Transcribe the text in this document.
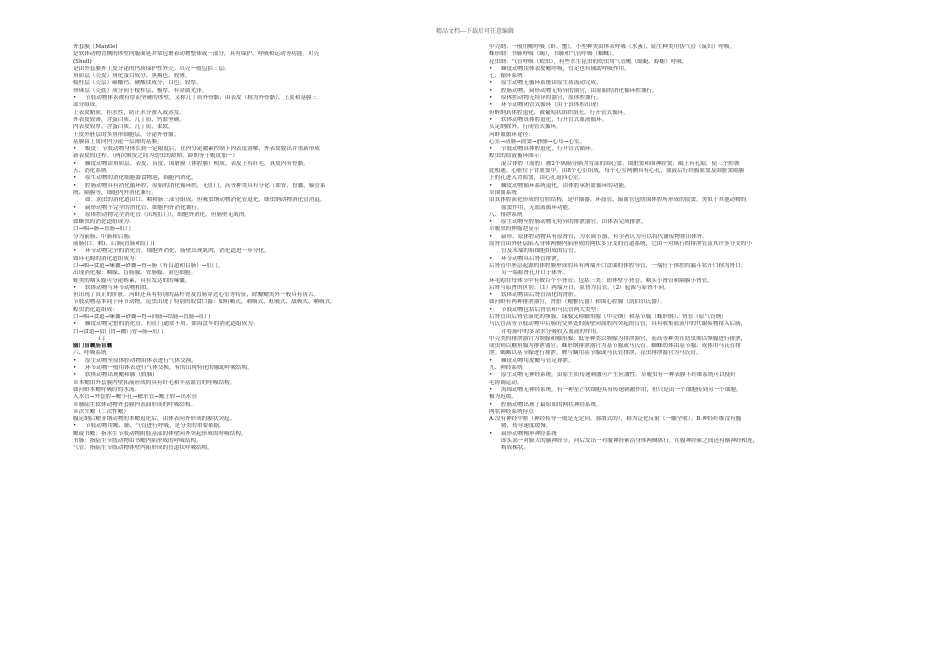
精品文档---下载后可任意编辑
外套膜（Mantle)
是软体动物背侧的体壁向腹面延并常包裹着动物整体或一部分，具有保护、呼吸和运动等功能。贝壳
(Shell)
是由外套膜外上皮分泌的钙质保护性外壳。贝壳一般包括三层:
角质层（壳皮）角化蛋白成分、黑褐色、较薄。
棱柱层（壳层）碳酸钙、硬酸镁成分，白色，较厚。
珍珠层（壳底）成分同于棱柱层、极厚，有金属光泽。
• 节肢动物体表被有厚而坚硬的体壁，又称几丁质外骨骼；由表皮（称为外骨骼）、上皮和基膜三
部分组成。
上表皮蜡质，拒水性，防止水分渗入或蒸发。
外表皮较薄，含蛋白质、几丁质、钙盐坚硬。
内表皮较厚，含蛋白质、几丁质，柔软。
上皮外胚层的多角形细胞层，分泌外骨骼。
基膜由上皮向内分泌一层薄的基膜。
• 蜕皮：节肢动物身体长到一定限度后，在内分泌激素控制下内表皮溶解，外表皮脱出并重新形成
新表皮的过程。（两次蜕皮之间为幼虫的龄期，龄期等于蜕皮加一）
• 棘皮动物由角质层、表皮、真皮、围脏膜（体腔膜）构成。表皮上有纤毛，真皮内有骨骼。
五、消化系统
• 原生动物的消化细胞器食物泡，细胞内消化。
• 腔肠动物具有消化循环腔，原始的消化循环腔，无肛门，高等种类具有分化（如胃、胃囊、辐管系
统、隔膜等，细胞内外消化兼行。
如：涡虫的消化道由口、咽和肠三部分组成。但吸虫纲动物消化管退化，绦虫纲动物消化管消退。
• 扁形动物不完全的消化管，细胞内外消化兼行。
• 原体腔动物完全消化管（出现肛门），细胞外消化，但肠壁无肌肉。
如蛔虫的消化道组成为:
口→咽→肠→直肠→肛门
分为前肠、中肠和后肠;
前肠(口、咽)、后肠(直肠和肛门)
• 环节动物完全的消化管，细胞外消化，肠壁出现肌肉，消化道进一步分化。
如环毛蚓的消化道组成为：
口→咽→食道→嗉囊→砂囊→胃→肠（有盲道和盲肠）→肛门。
出现消化腺：咽腺、盲肠腺、胃肠腺、黄色细胞。
蛭类的咽头腺可分泌蛭素，具有发达的的嗉囊。
• 软体动物与环节动物相似。
但出现了真正的肝脏。河蚌还具有特别的晶杆胃及直肠穿过心室等特征，除瓣鳃类外一般具有齿舌。
节肢动物基本同于环节动物，昆虫出现了特别的取食口器：如咀嚼式，刺吸式、虹吸式、舐吸式、嚼吸式。
蝗虫消化道组成：
口→咽→食道→嗉囊→砂囊→胃→回肠→结肠→直肠→肛门
• 棘皮动物完整的消化管，但肛门通常不用。如海盘车的消化道组成为：
口→食道→贲门胃→幽门胃→肠→肛门
↓↓
幽门盲囊肠盲囊
六、呼吸系统
• 原生动物至原体腔动物由体表进行气体交换。
• 环节动物一般用体表进行气体交换，有的出现特化的辅助呼吸结构。
• 软体动物出现鳃和肺（假肺）
※本鳃由外套膜内壁拓展形成的具有纤毛和丰富血管的呼吸结构。
如河蚌本鳃呼吸时的水流：
入水管→外套腔→鳃小孔→鳃水管→鳃上腔→出水管
※肺陆生软体动物外套膜内表面形成的呼吸结构。
※次生鳃（二次性鳃）
腹足纲后鳃亚纲动物的本鳃退化后，由体表向外形成的膜状突起。
• 节肢动物用鳃、肺、气管进行呼吸。是分类的重要依据。
鳃或书鳃：指水生节肢动物附肢基部的体壁向外突起形成的呼吸结构。
书肺：指陆生节肢动物由书鳃内陷形成的呼吸结构。
气管：指陆生节肢动物体壁内陷形成的管道状呼吸结构。
甲壳纲：一般用鳃呼吸（虾、蟹），小型种类由体表呼吸（水蚤），陆生种类用伪气管（鼠妇）呼吸。
蛛形纲：书肺呼吸（蝎），书肺和气管呼吸（蜘蛛）。
昆虫纲：气管呼吸（蝗虫），有些水生昆虫的幼虫用气管鳃（蜻蜓、蜉蝣）呼吸。
• 棘皮动物用体表皮鳃呼吸，管足也有辅助呼吸作用。
七、循环系统
• 原生动物无循环系统由原生质流动完成。
• 腔肠动物、扁形动物无特异的器官，由原始的消化循环腔兼行。
• 原体腔动物无特异的器官，原体腔兼行。
• 环节动物闭管式循环（由于真体腔出现）
但蛭纲真体腔退化，被葡萄状组织填充，行开管式循环。
• 软体动物真体腔退化，行开管式血液循环。
头足纲除外，行闭管式循环。
河蚌血循环途径：
心室→动脉→血窦→静脉→心耳→心室。
• 节肢动物真体腔退化，行开管式循环。
蝗虫的血液循环图示：
混合体腔（血腔）被2个纵隔分隔为背部的围心窦、围脏窦和围神经窦，隔上有孔隙，使三个腔彼
此相通。心脏位于背血窦中，由8个心室组成，每个心室两侧具有心孔，血液后行经腹血窦及围脏窦隔膜
上的孔进入背血窦，由心孔返回心室。
• 棘皮动物循环系统退化，由体腔承担血循环的功能。
※围血系统
由真体腔演化形成的管腔结构，是中轴器、环血管、辐血管包绕围体腔所形成的血窦。类似于其他动物的
血窦作用，无血液循环功能。
八、排泄系统
• 原生动物至腔肠动物无特异的排泄器官，由体表完成排泄。
草履虫的伸缩泡显示
• 扁形、原体腔动物具有原肾管，为水调节器，有学者认为可以将代谢废物排出体外。
原肾管由外胚层陷入身体两侧内陷形成的网状多分支的管道系统，它由一对纵行的排泄管及其许多分支的小
管及末端的焰细胞组成的盲管。
• 环节动物具后肾管排泄。
后肾管中胚层起源的体腔膜形成的具有两端开口盘曲的体腔导管，一端位于体腔的漏斗状开口称为肾口；
另一端称肾孔开口于体外。
环毛蚓在每体节中有数百个小肾管；包括三类：即体壁小肾管、咽头小肾管和隔膜小肾管。
后肾与原肾的区别：（1）两端开口，原肾为盲管。（2）起源与原肾不同。
• 软体动物由后肾管演化的肾脏。
如河蚌有两种排泄器官，肾脏（鲍雅氏器）和围心腔腺（凯伯尔氏器）。
• 节肢动物包括后肾管和马氏管两大类型：
后肾管由后肾管演化的颚腺、绿腺又称触角腺（甲壳纲）和基节腺（蛛形纲）、肾管（原气管纲）
马氏管高等节肢动物中后肠的交界处的肠壁向血腔内突起的盲管，具有收集血液中的代谢废物排入后肠，
并将肠中的多余水分吸收入血液的作用。
甲壳类的排泄器官为颚腺和触角腺；低等种类以颚腺为排泄器官，而高等种类在幼虫期以颚腺进行排泄，
成虫则以触角腺为排泄器官。蛛形纲排泄器官为基节腺或马氏管。蜘蛛幼体由基节腺、成体用马氏管排
泄。蝎蝎以基节腺进行排泄，蜱与螨用基节腺或马氏管排泄，昆虫排泄器官为马氏管。
• 棘皮动物用皮鳃与管足排泄。
九、神经系统
• 原生动物无神经系统。由原生质传递刺激可产生应激性。草履虫有一种表膜下纤维系统可以使纤
毛协调运动。
• 海绵动物无神经系统。有一种星芒状细胞具有传递刺激作用，但只是由一个细胞传到另一个细胞，
极为迟缓。
• 腔肠动物出现了最原始的网状神经系统。
网状神经系统特点
A.没有神经中枢（神经传导一般是无定向、弥散式的），称为泛化反射（一触全收）。B.神经纤维没有髓
鞘，传导速度缓慢。
• 扁形动物梯形神经系统
即头部一对膨大的脑神经节，向后发出一对腹神经索沿身体两侧纵行，在腹神经索之间还有横神经相连，
构成梯状。
